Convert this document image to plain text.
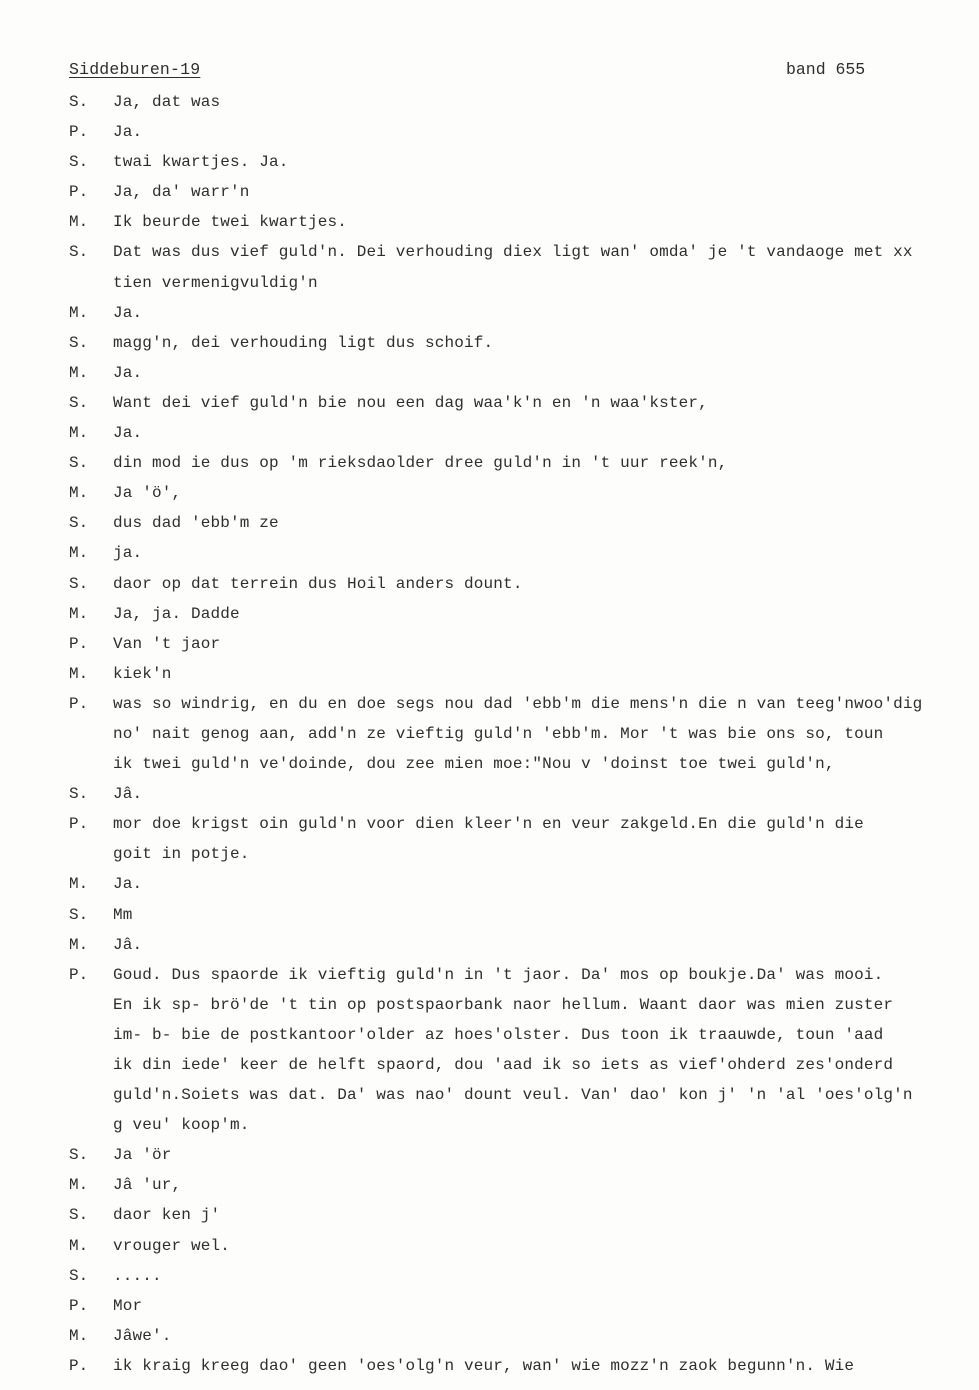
Siddeburen-19	band 655
S.	Ja, dat was
P.	Ja.
S.	twai kwartjes. Ja.
P.	Ja, da' warr'n
M.	Ik beurde twei kwartjes.
S.	Dat was dus vief guld'n. Dei verhouding diex ligt wan' omda' je 't vandaoge met xx
tien vermenigvuldig'n
M.	Ja.
S.	magg'n, dei verhouding ligt dus schoif.
M.	Ja.
S.	Want dei vief guld'n bie nou een dag waa'k'n en 'n waa'kster,
M.	Ja.
S.	din mod ie dus op 'm rieksdaolder dree guld'n in 't uur reek'n,
M.	Ja 'ö',
S.	dus dad 'ebb'm ze
M.	ja.
S.	daor op dat terrein dus Hoil anders dount.
M.	Ja, ja. Dadde
P.	Van 't jaor
M.	kiek'n
P.	was so windrig, en du en doe segs nou dad 'ebb'm die mens'n die n van teeg'nwoo'dig
no' nait genog aan, add'n ze vieftig guld'n 'ebb'm. Mor 't was bie ons so, toun
ik twei guld'n ve'doinde, dou zee mien moe:"Nou v 'doinst toe twei guld'n,
S.	Jâ.
P.	mor doe krigst oin guld'n voor dien kleer'n en veur zakgeld.En die guld'n die
goit in potje.
M.	Ja.
S.	Mm
M.	Jâ.
P.	Goud. Dus spaorde ik vieftig guld'n in 't jaor. Da' mos op boukje.Da' was mooi.
En ik sp- brö'de 't tin op postspaorbank naor hellum. Waant daor was mien zuster
im- b- bie de postkantoor'older az hoes'olster. Dus toon ik traauwde, toun 'aad
ik din iede' keer de helft spaord, dou 'aad ik so iets as vief'ohderd zes'onderd
guld'n.Soiets was dat. Da' was nao' dount veul. Van' dao' kon j' 'n 'al 'oes'olg'n
g veu' koop'm.
S.	Ja 'ör
M.	Jâ 'ur,
S.	daor ken j'
M.	vrouger wel.
S.	.....
P.	Mor
M.	Jâwe'.
P.	ik kraig kreeg dao' geen 'oes'olg'n veur, wan' wie mozz'n zaok begunn'n. Wie
